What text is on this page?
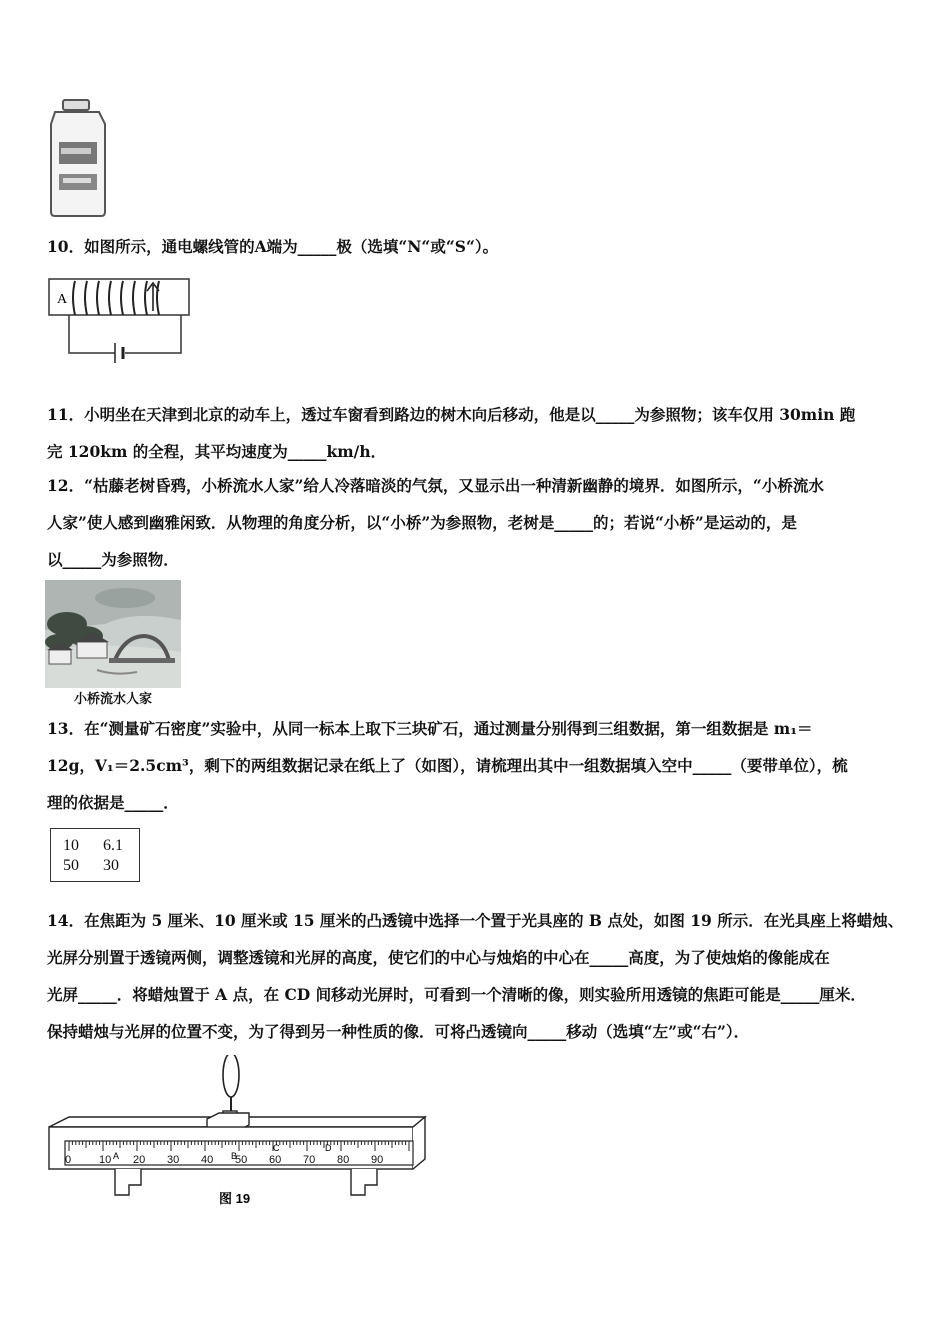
10．如图所示，通电螺线管的A端为_____极（选填“N“或“S“）。
A
11．小明坐在天津到北京的动车上，透过车窗看到路边的树木向后移动，他是以_____为参照物；该车仅用 30min 跑
完 120km 的全程，其平均速度为_____km/h．
12．“枯藤老树昏鸦，小桥流水人家”给人冷落暗淡的气氛，又显示出一种清新幽静的境界．如图所示，“小桥流水
人家”使人感到幽雅闲致．从物理的角度分析，以“小桥”为参照物，老树是_____的；若说“小桥”是运动的，是
以_____为参照物．
小桥流水人家
13．在“测量矿石密度”实验中，从同一标本上取下三块矿石，通过测量分别得到三组数据，第一组数据是 m₁＝
12g，V₁＝2.5cm³，剩下的两组数据记录在纸上了（如图），请梳理出其中一组数据填入空中_____（要带单位），梳
理的依据是_____．
10 6.1
50 30
14．在焦距为 5 厘米、10 厘米或 15 厘米的凸透镜中选择一个置于光具座的 B 点处，如图 19 所示．在光具座上将蜡烛、
光屏分别置于透镜两侧，调整透镜和光屏的高度，使它们的中心与烛焰的中心在_____高度，为了使烛焰的像能成在
光屏_____．将蜡烛置于 A 点，在 CD 间移动光屏时，可看到一个清晰的像，则实验所用透镜的焦距可能是_____厘米．
保持蜡烛与光屏的位置不变，为了得到另一种性质的像．可将凸透镜向_____移动（选填“左”或“右”）．
0	10 20 30 40 50 60 70 80 90
A	B
C	D
图 19
